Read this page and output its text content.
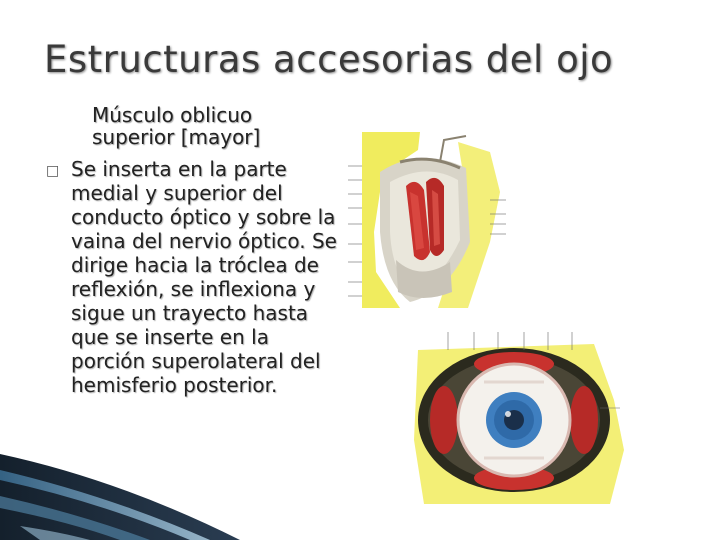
Estructuras accesorias del ojo
Músculo oblicuo superior [mayor]
□ Se inserta en la parte medial y superior del conducto óptico y sobre la vaina del nervio óptico. Se dirige hacia la tróclea de reflexión, se inflexiona y sigue un trayecto hasta que se inserte en la porción superolateral del hemisferio posterior.
